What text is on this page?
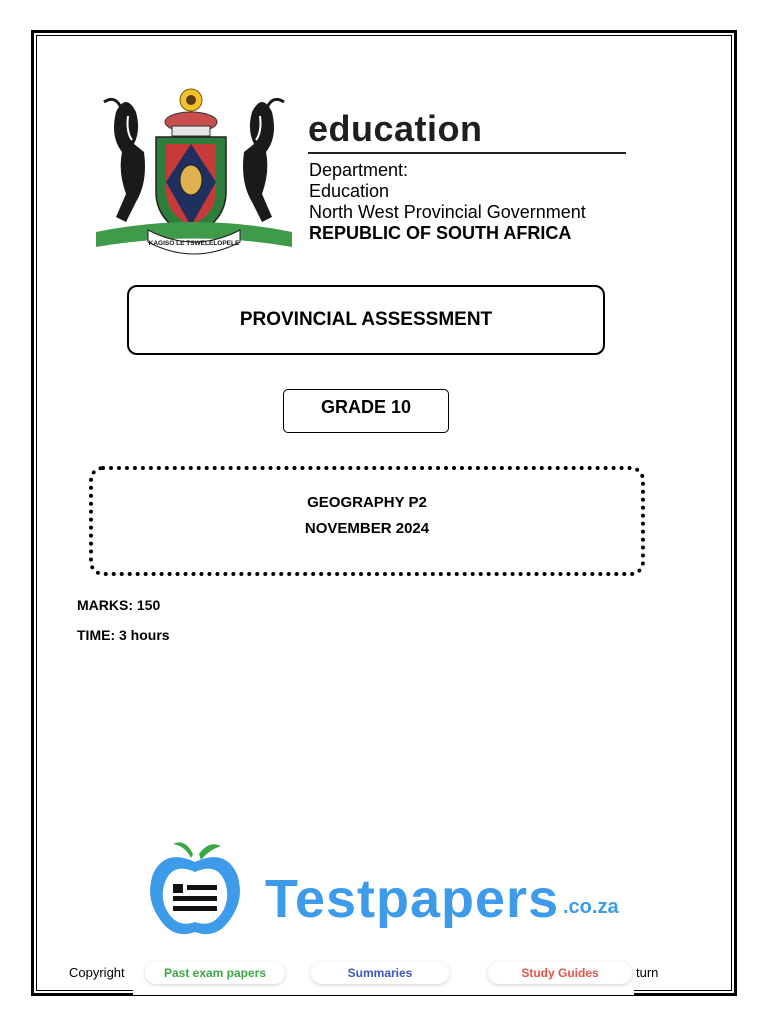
KAGISO LE TSWELELOPELE
education
Department:
Education
North West Provincial Government
REPUBLIC OF SOUTH AFRICA
PROVINCIAL ASSESSMENT
GRADE 10
GEOGRAPHY P2
NOVEMBER 2024
MARKS: 150
TIME: 3 hours
Copyright	turn
Testpapers .co.za
Past exam papers	Summaries	Study Guides
